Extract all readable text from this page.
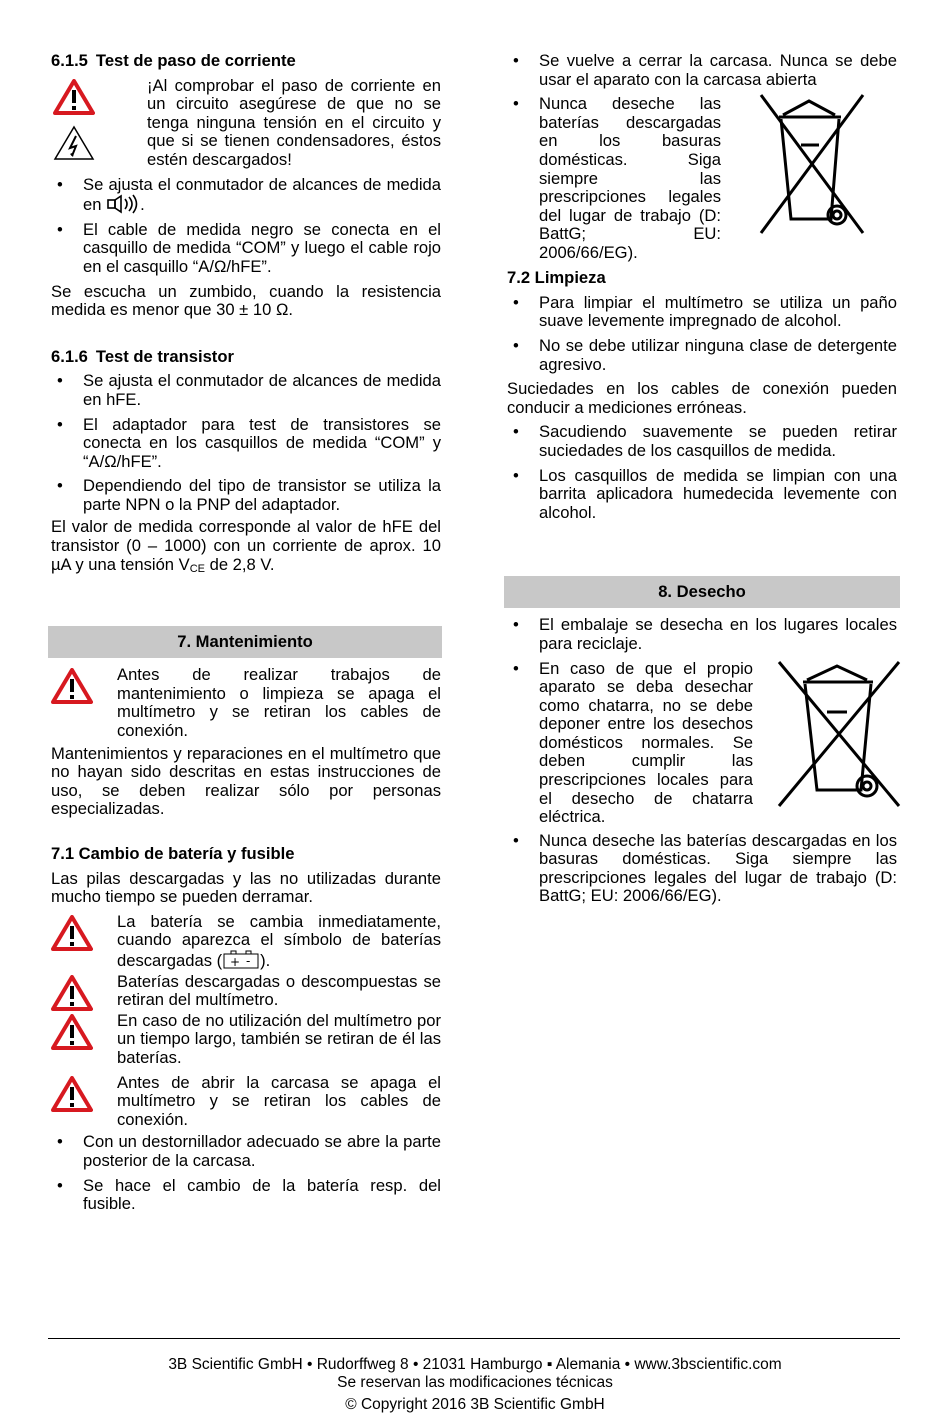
6.1.5 Test de paso de corriente

¡Al comprobar el paso de corriente en un circuito asegúrese de que no se tenga ninguna tensión en el circuito y que si se tienen condensadores, éstos estén descargados!

• Se ajusta el conmutador de alcances de medida en .
• El cable de medida negro se conecta en el casquillo de medida “COM” y luego el cable rojo en el casquillo “A/Ω/hFE”.

Se escucha un zumbido, cuando la resistencia medida es menor que 30 ± 10 Ω.

6.1.6 Test de transistor
• Se ajusta el conmutador de alcances de medida en hFE.
• El adaptador para test de transistores se conecta en los casquillos de medida “COM” y “A/Ω/hFE”.
• Dependiendo del tipo de transistor se utiliza la parte NPN o la PNP del adaptador.

El valor de medida corresponde al valor de hFE del transistor (0 – 1000) con un corriente de aprox. 10 µA y una tensión $V_{CE}$ de 2,8 V.

7. Mantenimiento

Antes de realizar trabajos de mantenimiento o limpieza se apaga el multímetro y se retiran los cables de conexión.

Mantenimientos y reparaciones en el multímetro que no hayan sido descritas en estas instrucciones de uso, se deben realizar sólo por personas especializadas.

7.1 Cambio de batería y fusible

Las pilas descargadas y las no utilizadas durante mucho tiempo se pueden derramar.

La batería se cambia inmediatamente, cuando aparezca el símbolo de baterías descargadas ( + - ).

Baterías descargadas o descompuestas se retiran del multímetro.

En caso de no utilización del multímetro por un tiempo largo, también se retiran de él las baterías.

Antes de abrir la carcasa se apaga el multímetro y se retiran los cables de conexión.

• Con un destornillador adecuado se abre la parte posterior de la carcasa.
• Se hace el cambio de la batería resp. del fusible.
• Se vuelve a cerrar la carcasa. Nunca se debe usar el aparato con la carcasa abierta
• Nunca deseche las baterías descargadas en los basuras domésticas. Siga siempre las prescripciones legales del lugar de trabajo (D: BattG; EU: 2006/66/EG).
7.2 Limpieza
• Para limpiar el multímetro se utiliza un paño suave levemente impregnado de alcohol.
• No se debe utilizar ninguna clase de detergente agresivo.

Suciedades en los cables de conexión pueden conducir a mediciones erróneas.

• Sacudiendo suavemente se pueden retirar suciedades de los casquillos de medida.
• Los casquillos de medida se limpian con una barrita aplicadora humedecida levemente con alcohol.
8. Desecho
• El embalaje se desecha en los lugares locales para reciclaje.
• En caso de que el propio aparato se deba desechar como chatarra, no se debe deponer entre los desechos domésticos normales. Se deben cumplir las prescripciones locales para el desecho de chatarra eléctrica.
• Nunca deseche las baterías descargadas en los basuras domésticas. Siga siempre las prescripciones legales del lugar de trabajo (D: BattG; EU: 2006/66/EG).
3B Scientific GmbH • Rudorffweg 8 • 21031 Hamburgo ▪ Alemania • www.3bscientific.com
Se reservan las modificaciones técnicas
© Copyright 2016 3B Scientific GmbH
